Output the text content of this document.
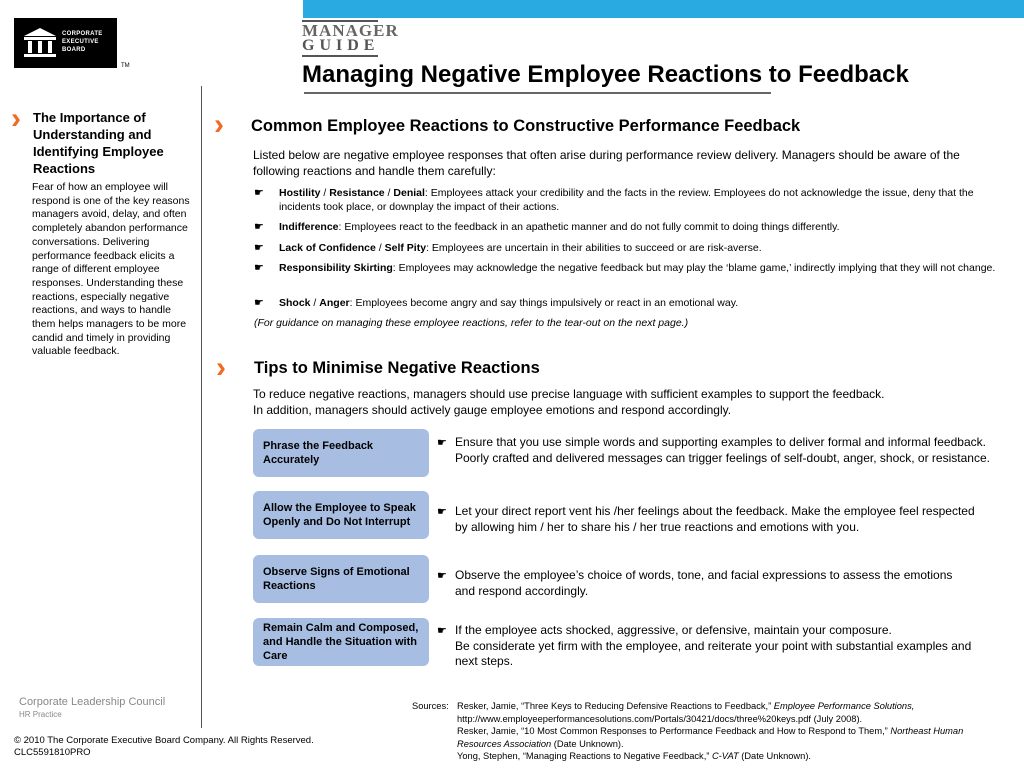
CORPORATE
EXECUTIVE
BOARD
TM
MANAGER
GUIDE
Managing Negative Employee Reactions to Feedback
› The Importance of Understanding and Identifying Employee Reactions
Fear of how an employee will respond is one of the key reasons managers avoid, delay, and often completely abandon performance conversations. Delivering performance feedback elicits a range of different employee responses. Understanding these reactions, especially negative reactions, and ways to handle them helps managers to be more candid and timely in providing valuable feedback.
› Common Employee Reactions to Constructive Performance Feedback
Listed below are negative employee responses that often arise during performance review delivery. Managers should be aware of the following reactions and handle them carefully:
☛ Hostility / Resistance / Denial: Employees attack your credibility and the facts in the review. Employees do not acknowledge the issue, deny that the incidents took place, or downplay the impact of their actions.
☛ Indifference: Employees react to the feedback in an apathetic manner and do not fully commit to doing things differently.
☛ Lack of Confidence / Self Pity: Employees are uncertain in their abilities to succeed or are risk-averse.
☛ Responsibility Skirting: Employees may acknowledge the negative feedback but may play the ‘blame game,’ indirectly implying that they will not change.
☛ Shock / Anger: Employees become angry and say things impulsively or react in an emotional way.
(For guidance on managing these employee reactions, refer to the tear-out on the next page.)
› Tips to Minimise Negative Reactions
To reduce negative reactions, managers should use precise language with sufficient examples to support the feedback.
In addition, managers should actively gauge employee emotions and respond accordingly.
Phrase the Feedback Accurately
☛ Ensure that you use simple words and supporting examples to deliver formal and informal feedback. Poorly crafted and delivered messages can trigger feelings of self-doubt, anger, shock, or resistance.
Allow the Employee to Speak Openly and Do Not Interrupt
☛ Let your direct report vent his /her feelings about the feedback. Make the employee feel respected by allowing him / her to share his / her true reactions and emotions with you.
Observe Signs of Emotional Reactions
☛ Observe the employee’s choice of words, tone, and facial expressions to assess the emotions and respond accordingly.
Remain Calm and Composed, and Handle the Situation with Care
☛ If the employee acts shocked, aggressive, or defensive, maintain your composure.
Be considerate yet firm with the employee, and reiterate your point with substantial examples and next steps.
Corporate Leadership Council
HR Practice
© 2010 The Corporate Executive Board Company. All Rights Reserved.
CLC5591810PRO
Sources: Resker, Jamie, “Three Keys to Reducing Defensive Reactions to Feedback,” Employee Performance Solutions,
http://www.employeeperformancesolutions.com/Portals/30421/docs/three%20keys.pdf (July 2008).
Resker, Jamie, “10 Most Common Responses to Performance Feedback and How to Respond to Them,” Northeast Human
Resources Association (Date Unknown).
Yong, Stephen, “Managing Reactions to Negative Feedback,” C-VAT (Date Unknown).
